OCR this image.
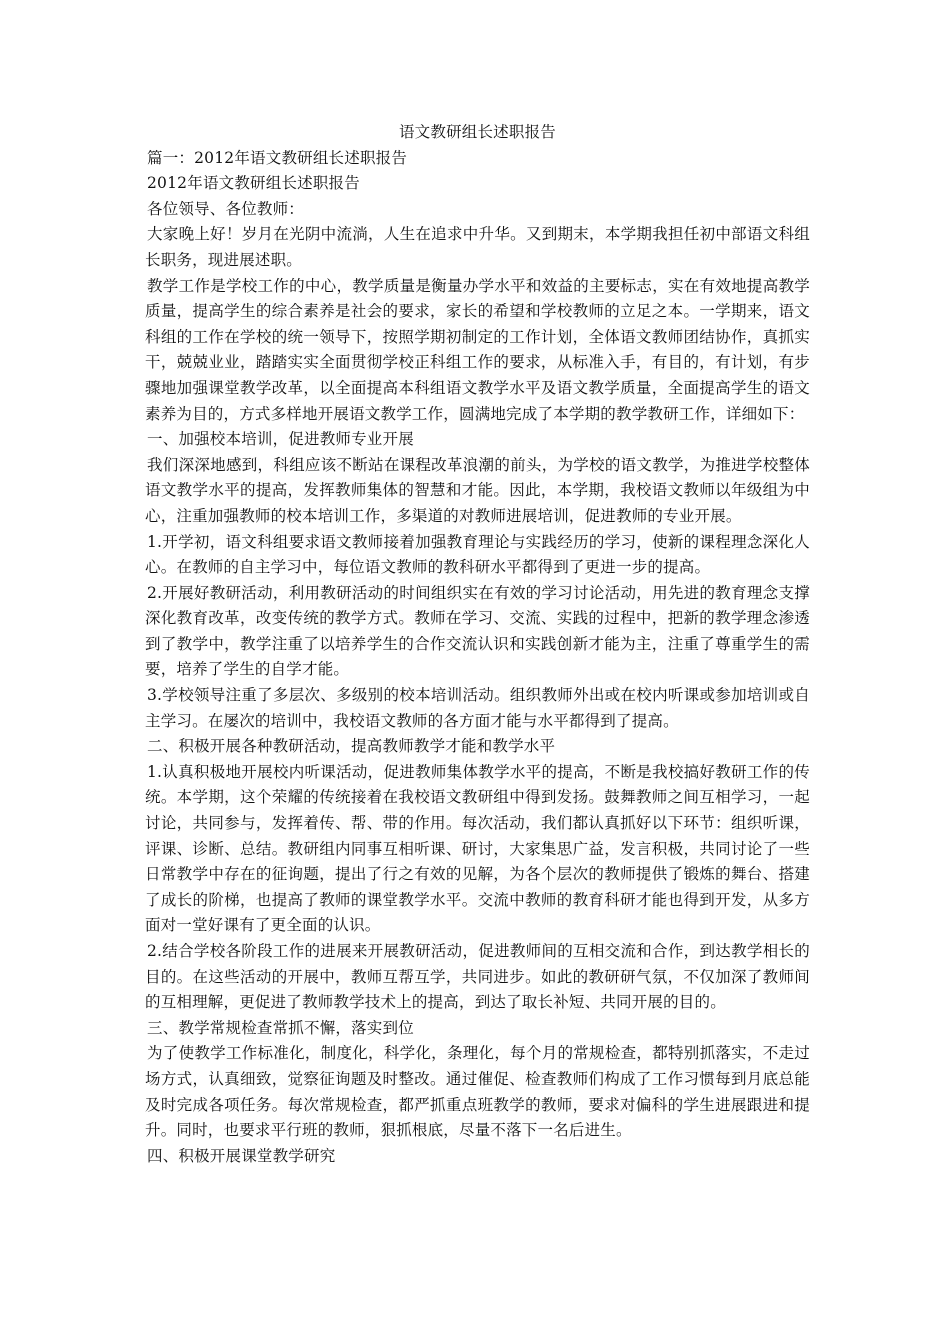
语文教研组长述职报告

篇一：2012年语文教研组长述职报告

2012年语文教研组长述职报告

各位领导、各位教师：

大家晚上好！岁月在光阴中流淌，人生在追求中升华。又到期末，本学期我担任初中部语文科组长职务，现进展述职。

教学工作是学校工作的中心，教学质量是衡量办学水平和效益的主要标志，实在有效地提高教学质量，提高学生的综合素养是社会的要求，家长的希望和学校教师的立足之本。一学期来，语文科组的工作在学校的统一领导下，按照学期初制定的工作计划，全体语文教师团结协作，真抓实干，兢兢业业，踏踏实实全面贯彻学校正科组工作的要求，从标准入手，有目的，有计划，有步骤地加强课堂教学改革，以全面提高本科组语文教学水平及语文教学质量，全面提高学生的语文素养为目的，方式多样地开展语文教学工作，圆满地完成了本学期的教学教研工作，详细如下：

一、加强校本培训，促进教师专业开展

我们深深地感到，科组应该不断站在课程改革浪潮的前头，为学校的语文教学，为推进学校整体语文教学水平的提高，发挥教师集体的智慧和才能。因此，本学期，我校语文教师以年级组为中心，注重加强教师的校本培训工作，多渠道的对教师进展培训，促进教师的专业开展。

1.开学初，语文科组要求语文教师接着加强教育理论与实践经历的学习，使新的课程理念深化人心。在教师的自主学习中，每位语文教师的教科研水平都得到了更进一步的提高。

2.开展好教研活动，利用教研活动的时间组织实在有效的学习讨论活动，用先进的教育理念支撑深化教育改革，改变传统的教学方式。教师在学习、交流、实践的过程中，把新的教学理念渗透到了教学中，教学注重了以培养学生的合作交流认识和实践创新才能为主，注重了尊重学生的需要，培养了学生的自学才能。

3.学校领导注重了多层次、多级别的校本培训活动。组织教师外出或在校内听课或参加培训或自主学习。在屡次的培训中，我校语文教师的各方面才能与水平都得到了提高。

二、积极开展各种教研活动，提高教师教学才能和教学水平

1.认真积极地开展校内听课活动，促进教师集体教学水平的提高，不断是我校搞好教研工作的传统。本学期，这个荣耀的传统接着在我校语文教研组中得到发扬。鼓舞教师之间互相学习，一起讨论，共同参与，发挥着传、帮、带的作用。每次活动，我们都认真抓好以下环节：组织听课，评课、诊断、总结。教研组内同事互相听课、研讨，大家集思广益，发言积极，共同讨论了一些日常教学中存在的征询题，提出了行之有效的见解，为各个层次的教师提供了锻炼的舞台、搭建了成长的阶梯，也提高了教师的课堂教学水平。交流中教师的教育科研才能也得到开发，从多方面对一堂好课有了更全面的认识。

2.结合学校各阶段工作的进展来开展教研活动，促进教师间的互相交流和合作，到达教学相长的目的。在这些活动的开展中，教师互帮互学，共同进步。如此的教研研气氛，不仅加深了教师间的互相理解，更促进了教师教学技术上的提高，到达了取长补短、共同开展的目的。

三、教学常规检查常抓不懈，落实到位

为了使教学工作标准化，制度化，科学化，条理化，每个月的常规检查，都特别抓落实，不走过场方式，认真细致，觉察征询题及时整改。通过催促、检查教师们构成了工作习惯每到月底总能及时完成各项任务。每次常规检查，都严抓重点班教学的教师，要求对偏科的学生进展跟进和提升。同时，也要求平行班的教师，狠抓根底，尽量不落下一名后进生。

四、积极开展课堂教学研究
